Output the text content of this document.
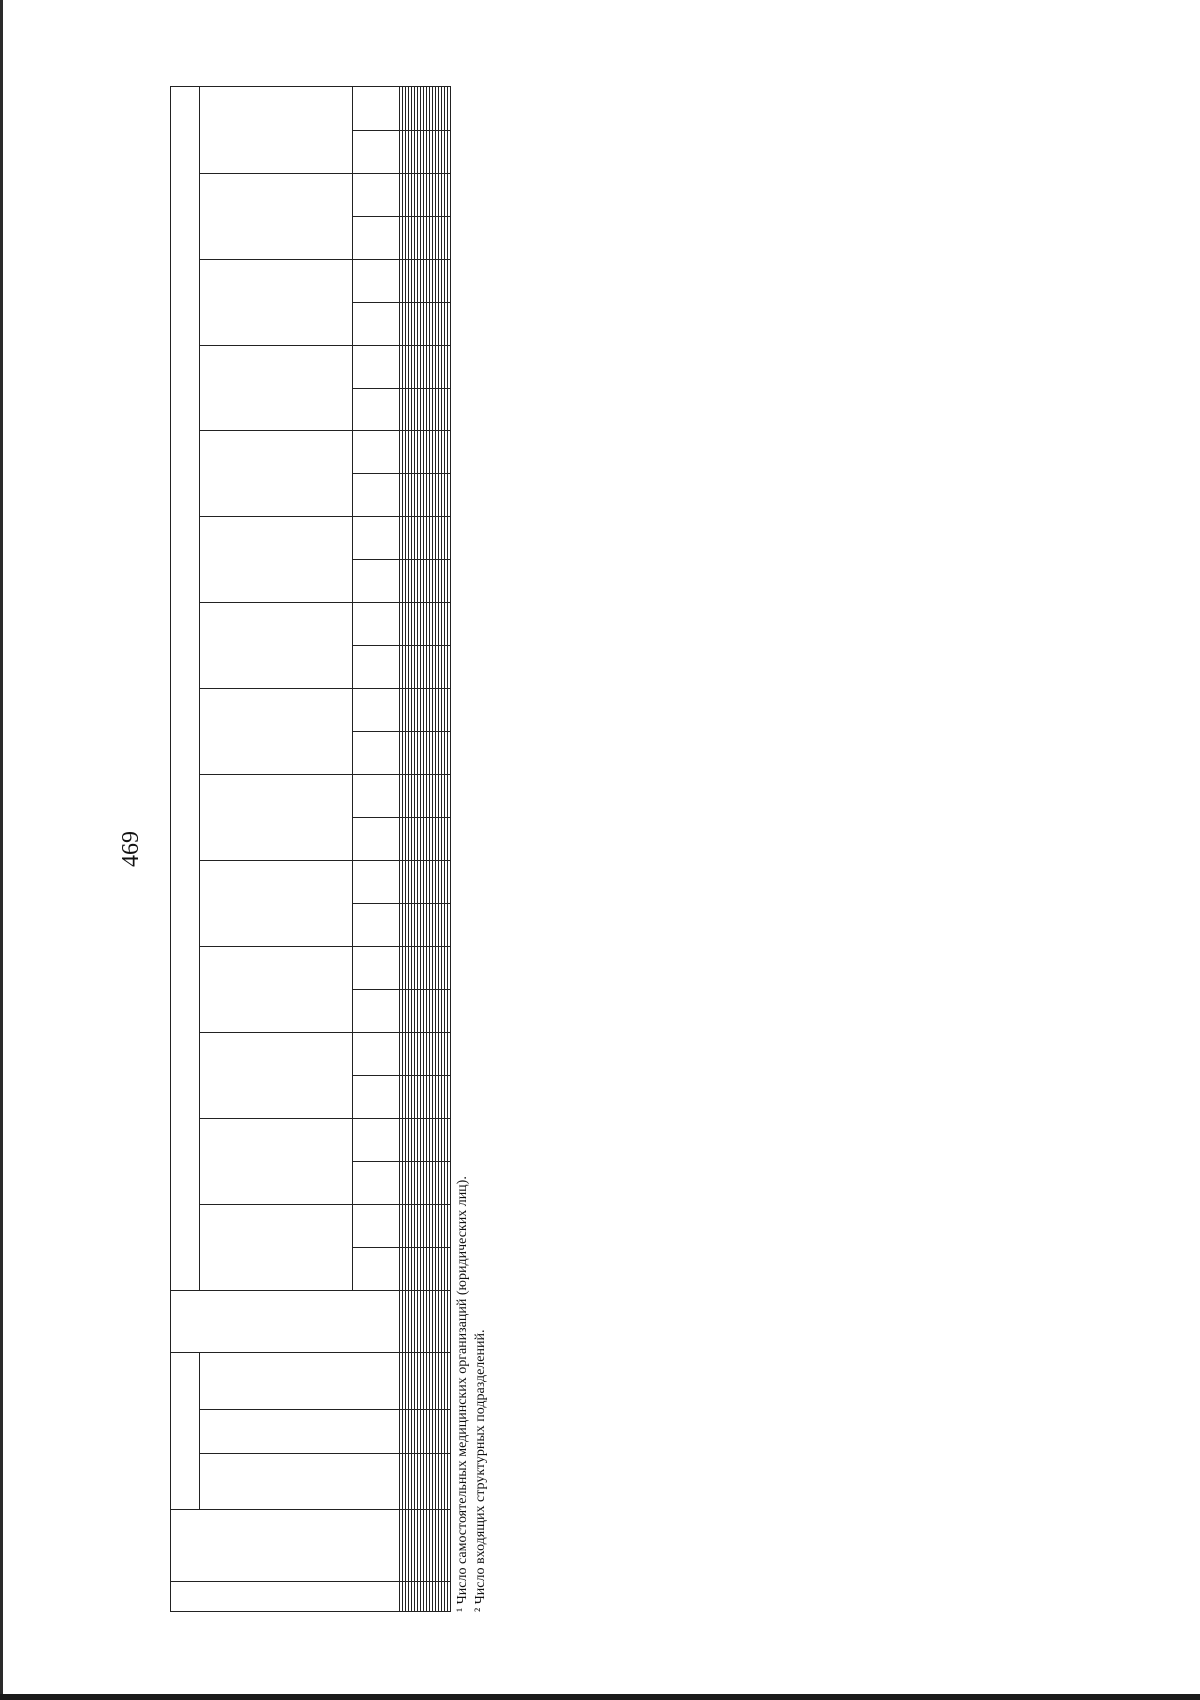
469

¹ Число самостоятельных медицинских организаций (юридических лиц). ² Число входящих структурных подразделений.
